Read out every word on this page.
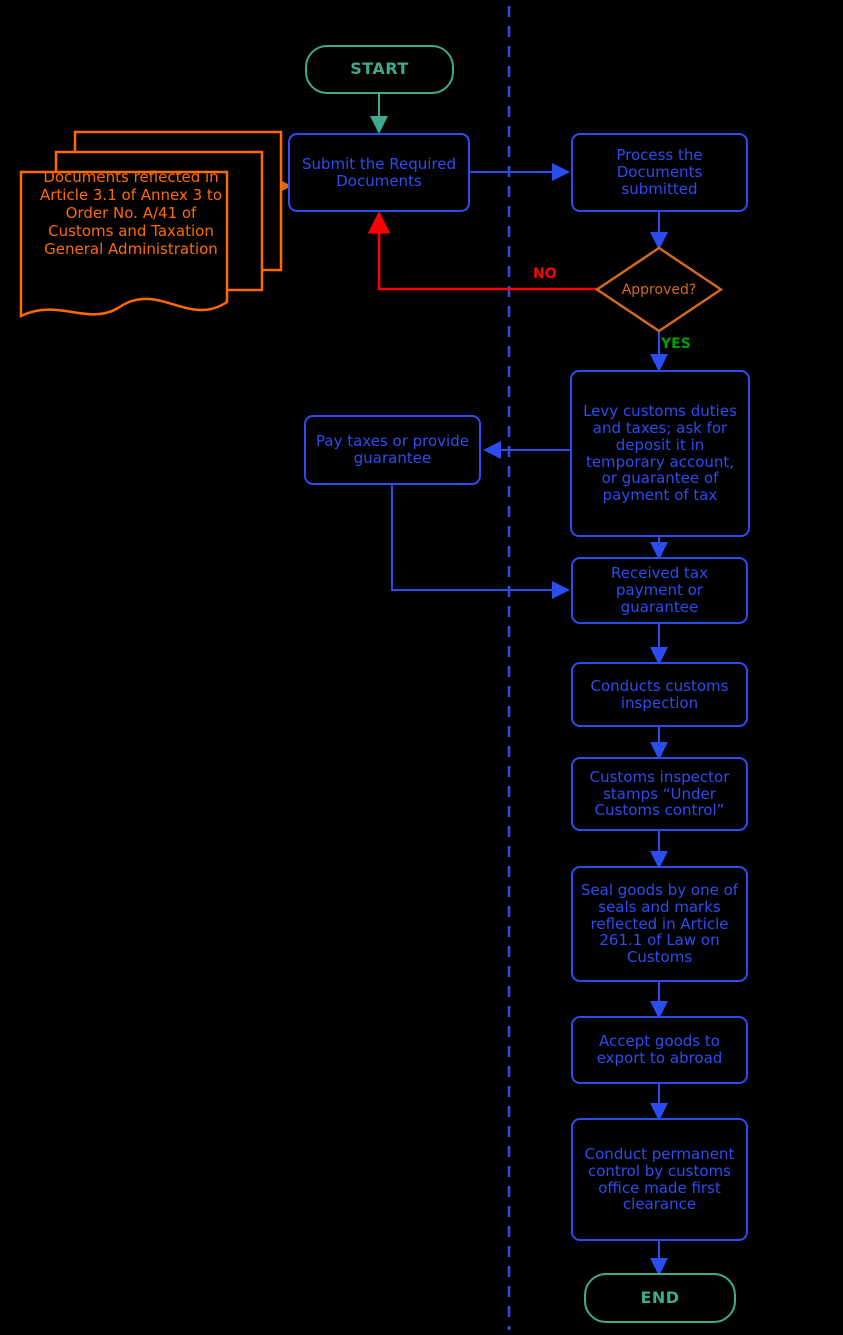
Documents reflected in Article 3.1 of Annex 3 to Order No. A/41 of Customs and Taxation General Administration
START
Submit the Required Documents
Process the Documents submitted
Approved?
NO
YES
Levy customs duties and taxes; ask for deposit it in temporary account, or guarantee of payment of tax
Pay taxes or provide guarantee
Received tax payment or guarantee
Conducts customs inspection
Customs inspector stamps “Under Customs control”
Seal goods by one of seals and marks reflected in Article 261.1 of Law on Customs
Accept goods to export to abroad
Conduct permanent control by customs office made first clearance
END
